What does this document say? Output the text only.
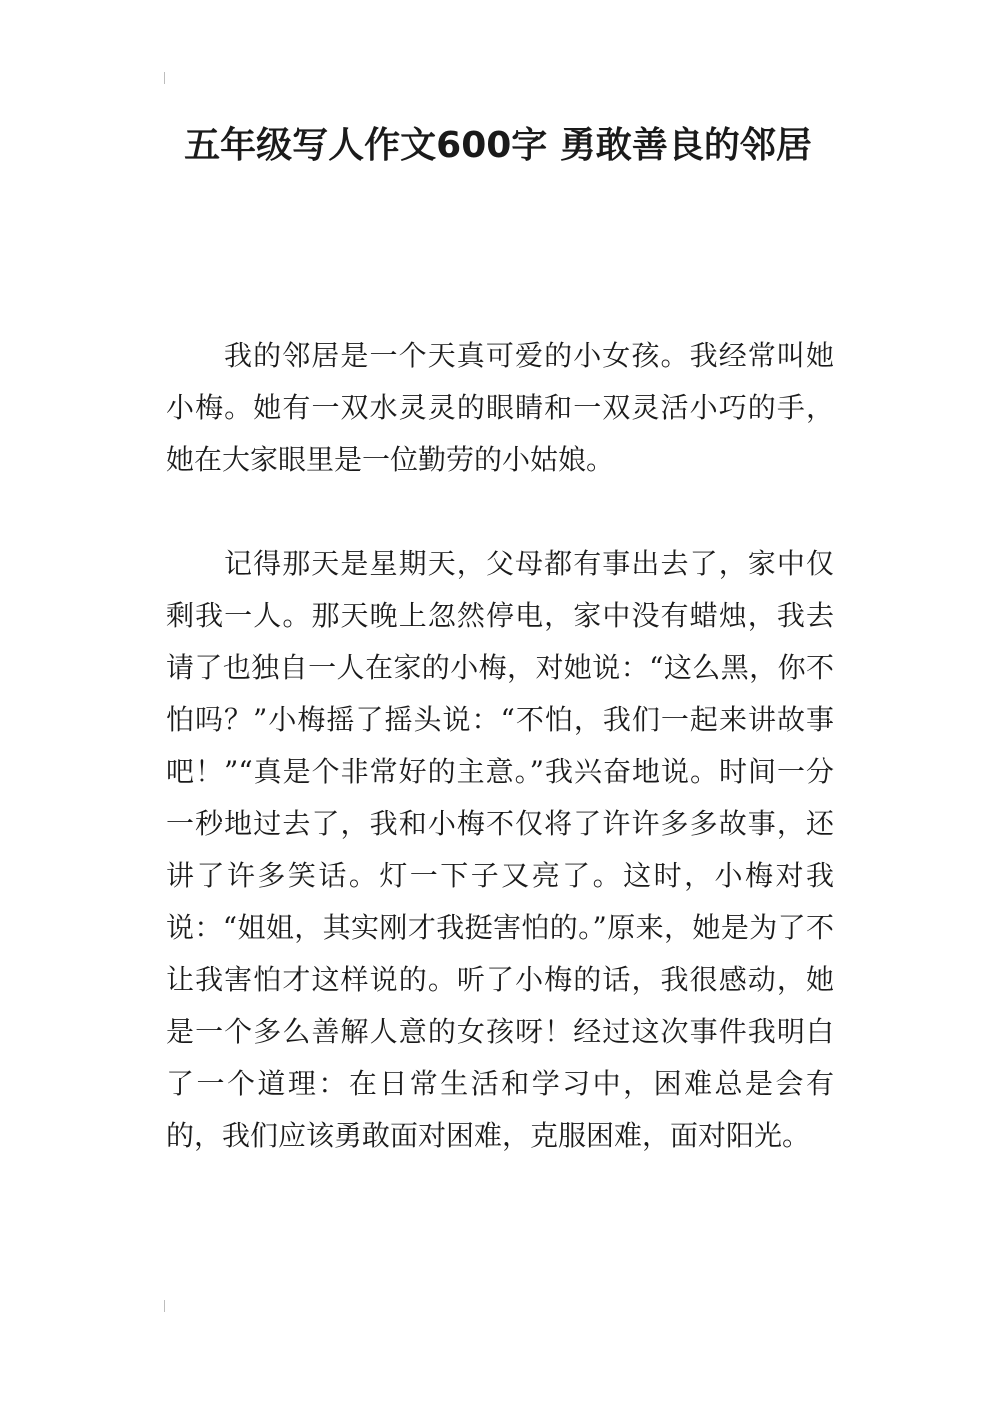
五年级写人作文600字 勇敢善良的邻居

我的邻居是一个天真可爱的小女孩。我经常叫她小梅。她有一双水灵灵的眼睛和一双灵活小巧的手，她在大家眼里是一位勤劳的小姑娘。

记得那天是星期天，父母都有事出去了，家中仅剩我一人。那天晚上忽然停电，家中没有蜡烛，我去请了也独自一人在家的小梅，对她说：“这么黑，你不怕吗？”小梅摇了摇头说：“不怕，我们一起来讲故事吧！”“真是个非常好的主意。”我兴奋地说。时间一分一秒地过去了，我和小梅不仅将了许许多多故事，还讲了许多笑话。灯一下子又亮了。这时，小梅对我说：“姐姐，其实刚才我挺害怕的。”原来，她是为了不让我害怕才这样说的。听了小梅的话，我很感动，她是一个多么善解人意的女孩呀！经过这次事件我明白了一个道理：在日常生活和学习中，困难总是会有的，我们应该勇敢面对困难，克服困难，面对阳光。
